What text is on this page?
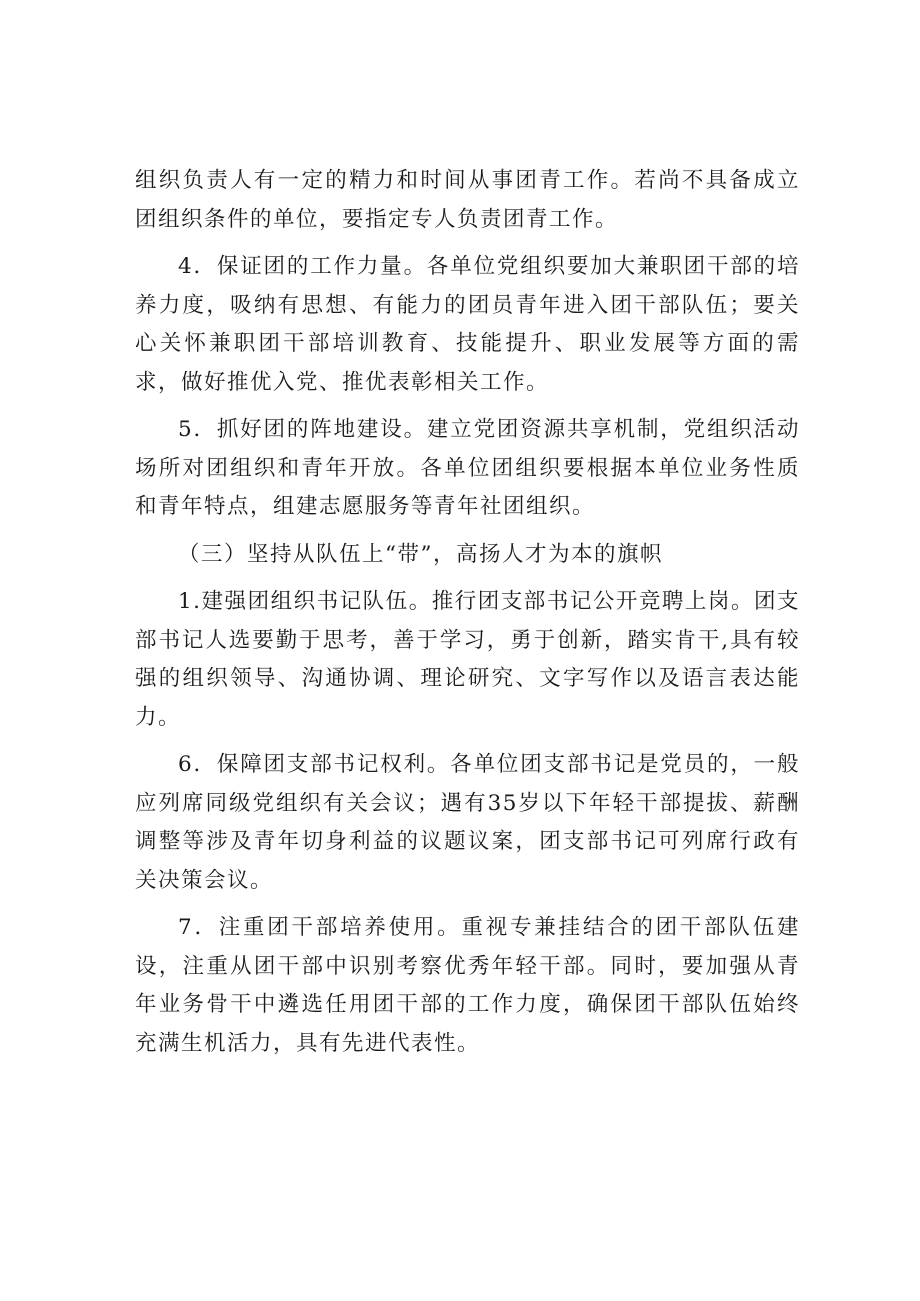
组织负责人有一定的精力和时间从事团青工作。若尚不具备成立团组织条件的单位，要指定专人负责团青工作。

4．保证团的工作力量。各单位党组织要加大兼职团干部的培养力度，吸纳有思想、有能力的团员青年进入团干部队伍；要关心关怀兼职团干部培训教育、技能提升、职业发展等方面的需求，做好推优入党、推优表彰相关工作。

5．抓好团的阵地建设。建立党团资源共享机制，党组织活动场所对团组织和青年开放。各单位团组织要根据本单位业务性质和青年特点，组建志愿服务等青年社团组织。

（三）坚持从队伍上“带”，高扬人才为本的旗帜

1.建强团组织书记队伍。推行团支部书记公开竞聘上岗。团支部书记人选要勤于思考，善于学习，勇于创新，踏实肯干,具有较强的组织领导、沟通协调、理论研究、文字写作以及语言表达能力。

6．保障团支部书记权利。各单位团支部书记是党员的，一般应列席同级党组织有关会议；遇有35岁以下年轻干部提拔、薪酬调整等涉及青年切身利益的议题议案，团支部书记可列席行政有关决策会议。

7．注重团干部培养使用。重视专兼挂结合的团干部队伍建设，注重从团干部中识别考察优秀年轻干部。同时，要加强从青年业务骨干中遴选任用团干部的工作力度，确保团干部队伍始终充满生机活力，具有先进代表性。
